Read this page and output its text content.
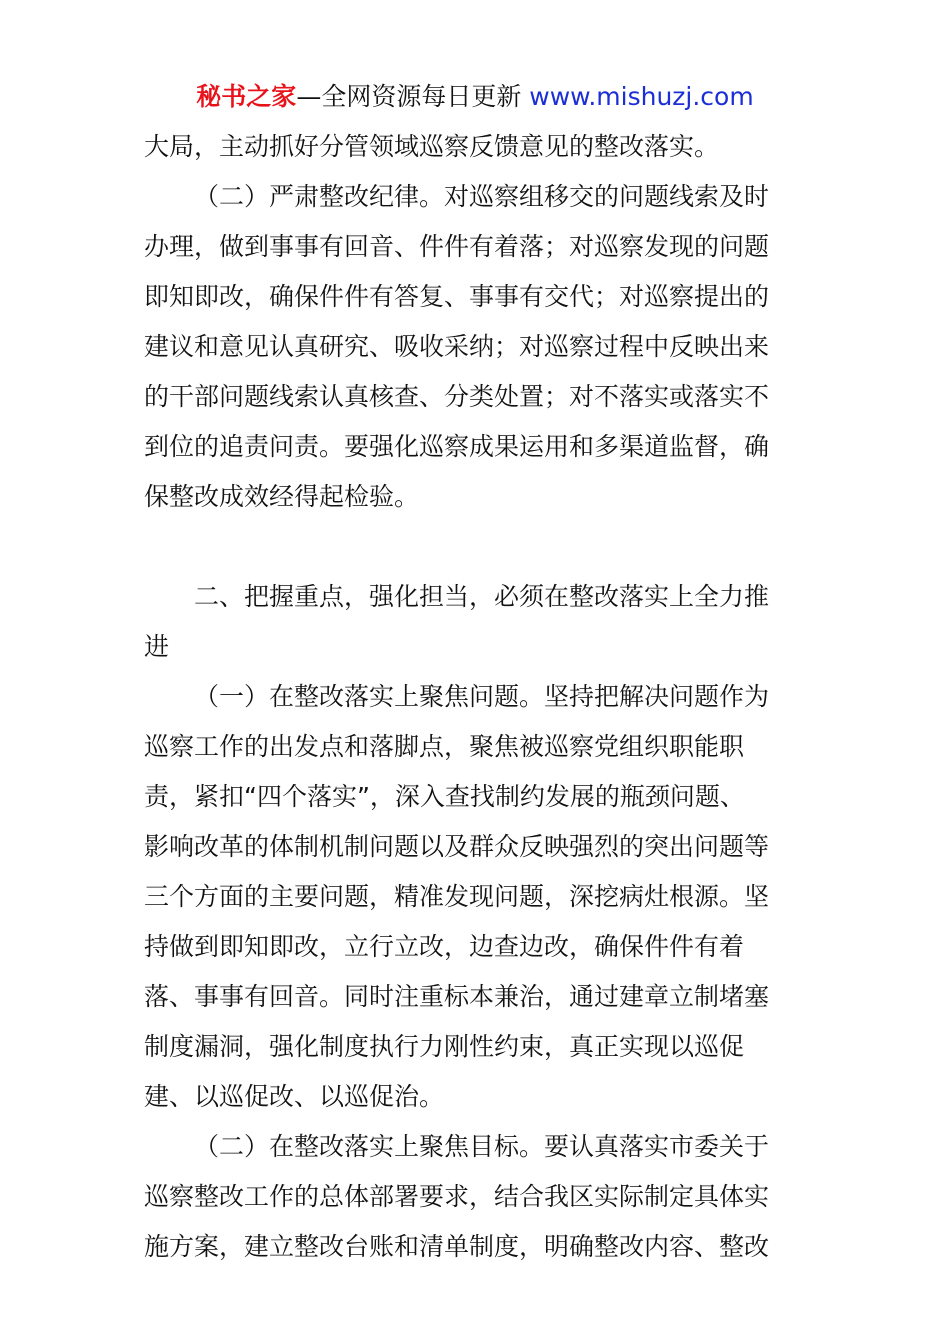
秘书之家—全网资源每日更新 www.mishuzj.com
大局，主动抓好分管领域巡察反馈意见的整改落实。
（二）严肃整改纪律。对巡察组移交的问题线索及时
办理，做到事事有回音、件件有着落；对巡察发现的问题
即知即改，确保件件有答复、事事有交代；对巡察提出的
建议和意见认真研究、吸收采纳；对巡察过程中反映出来
的干部问题线索认真核查、分类处置；对不落实或落实不
到位的追责问责。要强化巡察成果运用和多渠道监督，确
保整改成效经得起检验。
二、把握重点，强化担当，必须在整改落实上全力推
进
（一）在整改落实上聚焦问题。坚持把解决问题作为
巡察工作的出发点和落脚点，聚焦被巡察党组织职能职
责，紧扣“四个落实”，深入查找制约发展的瓶颈问题、
影响改革的体制机制问题以及群众反映强烈的突出问题等
三个方面的主要问题，精准发现问题，深挖病灶根源。坚
持做到即知即改，立行立改，边查边改，确保件件有着
落、事事有回音。同时注重标本兼治，通过建章立制堵塞
制度漏洞，强化制度执行力刚性约束，真正实现以巡促
建、以巡促改、以巡促治。
（二）在整改落实上聚焦目标。要认真落实市委关于
巡察整改工作的总体部署要求，结合我区实际制定具体实
施方案，建立整改台账和清单制度，明确整改内容、整改
